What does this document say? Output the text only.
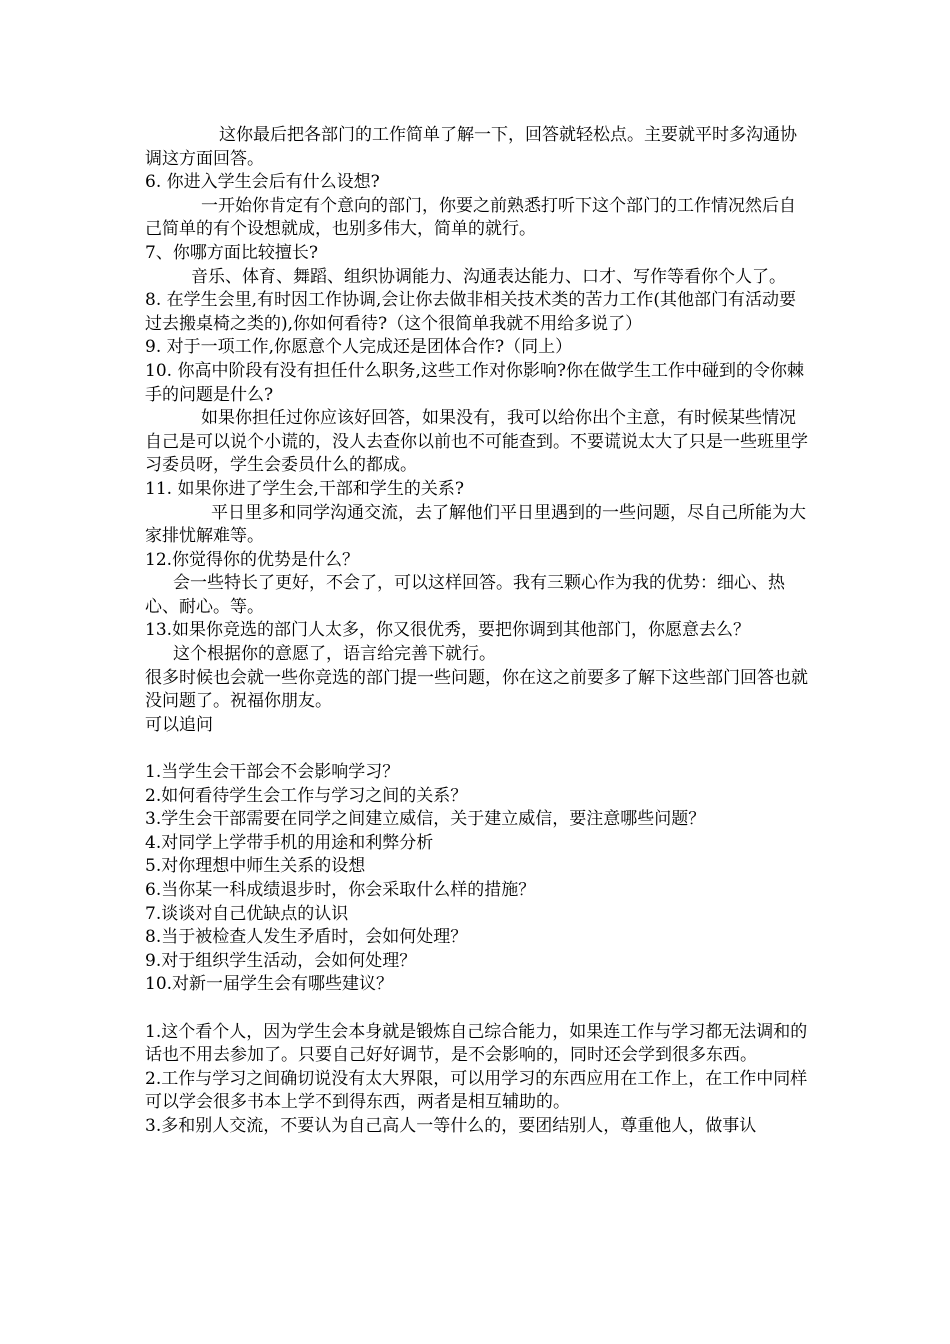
这你最后把各部门的工作简单了解一下，回答就轻松点。主要就平时多沟通协调这方面回答。

6. 你进入学生会后有什么设想?

一开始你肯定有个意向的部门，你要之前熟悉打听下这个部门的工作情况然后自己简单的有个设想就成，也别多伟大，简单的就行。

7、你哪方面比较擅长?

音乐、体育、舞蹈、组织协调能力、沟通表达能力、口才、写作等看你个人了。

8. 在学生会里,有时因工作协调,会让你去做非相关技术类的苦力工作(其他部门有活动要过去搬桌椅之类的),你如何看待?（这个很简单我就不用给多说了）

9. 对于一项工作,你愿意个人完成还是团体合作?（同上）

10. 你高中阶段有没有担任什么职务,这些工作对你影响?你在做学生工作中碰到的令你棘手的问题是什么?

如果你担任过你应该好回答，如果没有，我可以给你出个主意，有时候某些情况自己是可以说个小谎的，没人去查你以前也不可能查到。不要谎说太大了只是一些班里学习委员呀，学生会委员什么的都成。

11. 如果你进了学生会,干部和学生的关系?

平日里多和同学沟通交流，去了解他们平日里遇到的一些问题，尽自己所能为大家排忧解难等。

12.你觉得你的优势是什么？

会一些特长了更好，不会了，可以这样回答。我有三颗心作为我的优势：细心、热心、耐心。等。

13.如果你竞选的部门人太多，你又很优秀，要把你调到其他部门，你愿意去么？

这个根据你的意愿了，语言给完善下就行。

很多时候也会就一些你竞选的部门提一些问题，你在这之前要多了解下这些部门回答也就没问题了。祝福你朋友。

可以追问

1.当学生会干部会不会影响学习？

2.如何看待学生会工作与学习之间的关系？

3.学生会干部需要在同学之间建立威信，关于建立威信，要注意哪些问题？

4.对同学上学带手机的用途和利弊分析

5.对你理想中师生关系的设想

6.当你某一科成绩退步时，你会采取什么样的措施？

7.谈谈对自己优缺点的认识

8.当于被检查人发生矛盾时，会如何处理？

9.对于组织学生活动，会如何处理？

10.对新一届学生会有哪些建议？

1.这个看个人，因为学生会本身就是锻炼自己综合能力，如果连工作与学习都无法调和的话也不用去参加了。只要自己好好调节，是不会影响的，同时还会学到很多东西。

2.工作与学习之间确切说没有太大界限，可以用学习的东西应用在工作上，在工作中同样可以学会很多书本上学不到得东西，两者是相互辅助的。

3.多和别人交流，不要认为自己高人一等什么的，要团结别人，尊重他人，做事认
